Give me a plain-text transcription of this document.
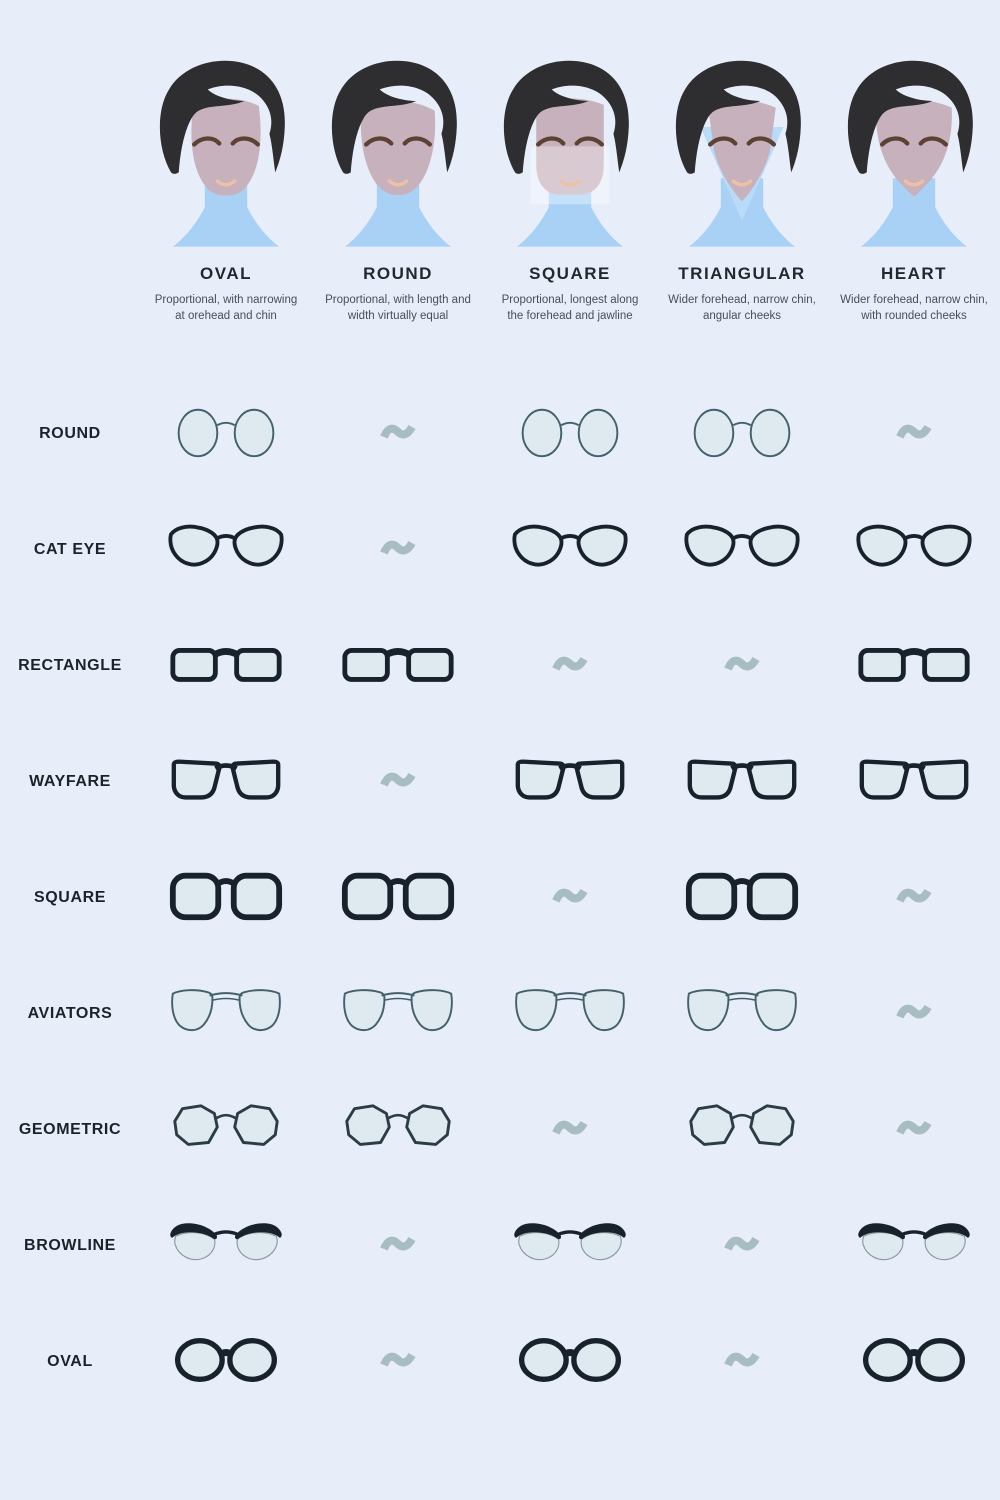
OVAL
Proportional, with narrowing at orehead and chin
ROUND
Proportional, with length and width virtually equal
SQUARE
Proportional, longest along the forehead and jawline
TRIANGULAR
Wider forehead, narrow chin, angular cheeks
HEART
Wider forehead, narrow chin, with rounded cheeks
ROUND
CAT EYE
RECTANGLE
WAYFARE
SQUARE
AVIATORS
GEOMETRIC
BROWLINE
OVAL
